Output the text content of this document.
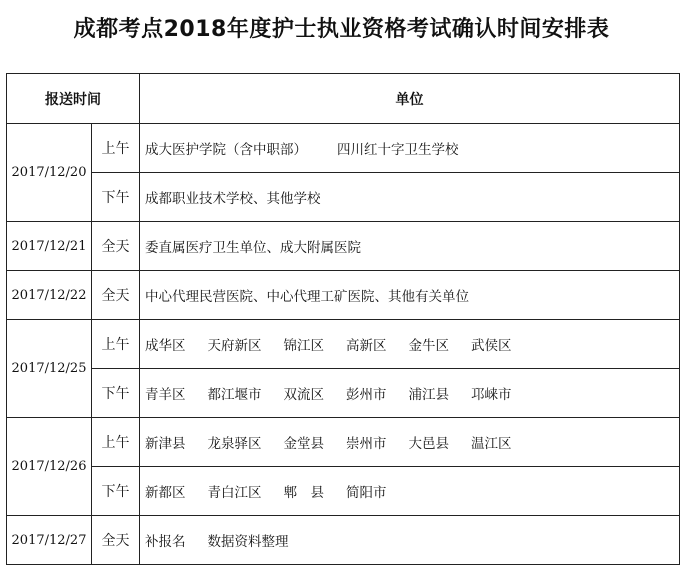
成都考点2018年度护士执业资格考试确认时间安排表
报送时间		单位
2017/12/20	上午	成大医护学院（含中职部） 四川红十字卫生学校
	下午	成都职业技术学校、其他学校
2017/12/21	全天	委直属医疗卫生单位、成大附属医院
2017/12/22	全天	中心代理民营医院、中心代理工矿医院、其他有关单位
2017/12/25	上午	成华区 天府新区 锦江区 高新区 金牛区 武侯区
	下午	青羊区 都江堰市 双流区 彭州市 浦江县 邛崃市
2017/12/26	上午	新津县 龙泉驿区 金堂县 崇州市 大邑县 温江区
	下午	新都区 青白江区 郫　县 简阳市
2017/12/27	全天	补报名 数据资料整理
